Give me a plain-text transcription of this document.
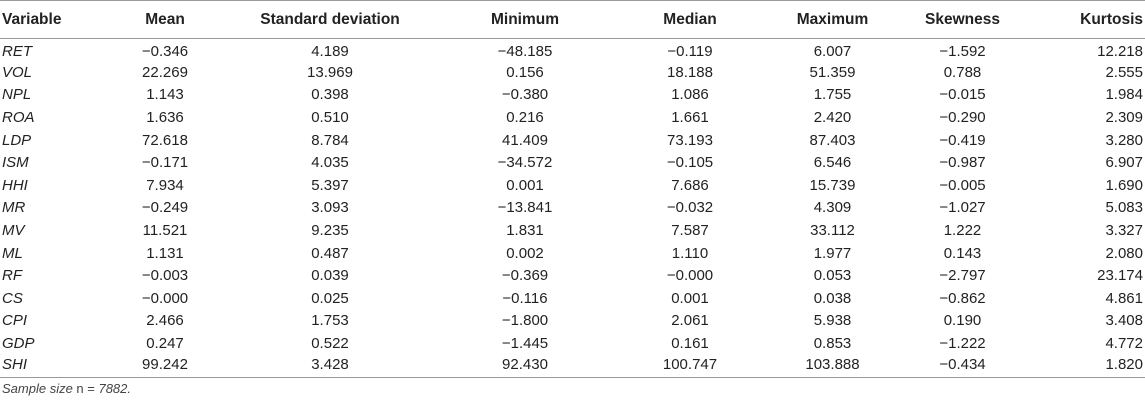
Variable	Mean	Standard deviation	Minimum	Median	Maximum	Skewness	Kurtosis
RET	−0.346	4.189	−48.185	−0.119	6.007	−1.592	12.218
VOL	22.269	13.969	0.156	18.188	51.359	0.788	2.555
NPL	1.143	0.398	−0.380	1.086	1.755	−0.015	1.984
ROA	1.636	0.510	0.216	1.661	2.420	−0.290	2.309
LDP	72.618	8.784	41.409	73.193	87.403	−0.419	3.280
ISM	−0.171	4.035	−34.572	−0.105	6.546	−0.987	6.907
HHI	7.934	5.397	0.001	7.686	15.739	−0.005	1.690
MR	−0.249	3.093	−13.841	−0.032	4.309	−1.027	5.083
MV	11.521	9.235	1.831	7.587	33.112	1.222	3.327
ML	1.131	0.487	0.002	1.110	1.977	0.143	2.080
RF	−0.003	0.039	−0.369	−0.000	0.053	−2.797	23.174
CS	−0.000	0.025	−0.116	0.001	0.038	−0.862	4.861
CPI	2.466	1.753	−1.800	2.061	5.938	0.190	3.408
GDP	0.247	0.522	−1.445	0.161	0.853	−1.222	4.772
SHI	99.242	3.428	92.430	100.747	103.888	−0.434	1.820
Sample size n = 7882.
